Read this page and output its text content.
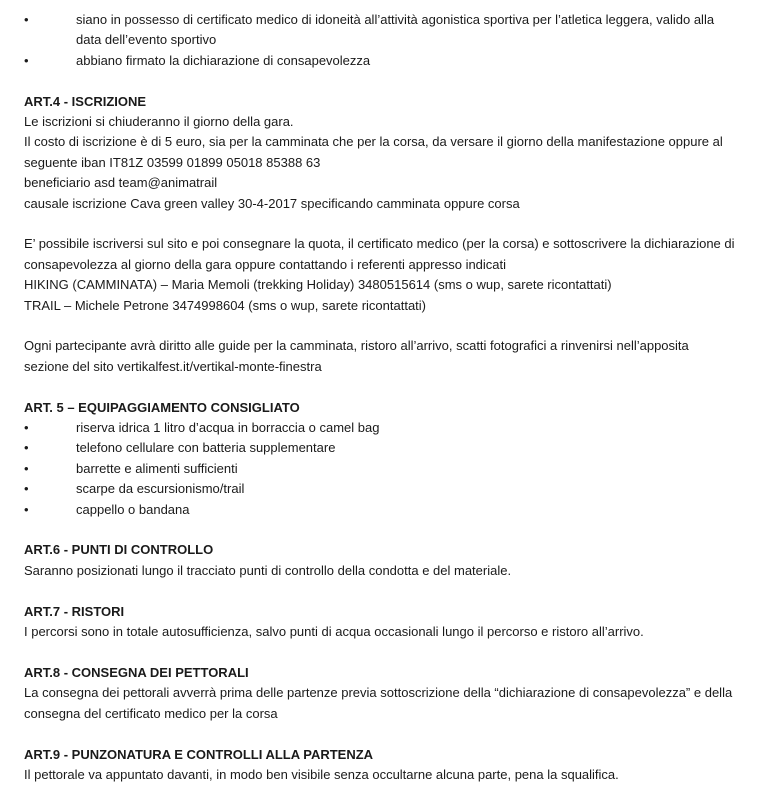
•	siano in possesso di certificato medico di idoneità all’attività agonistica sportiva per l’atletica leggera, valido alla data dell’evento sportivo
•	abbiano firmato la dichiarazione di consapevolezza
ART.4 - ISCRIZIONE
Le iscrizioni si chiuderanno il giorno della gara.
Il costo di iscrizione è di 5 euro, sia per la camminata che per la corsa, da versare il giorno della manifestazione oppure al
seguente iban IT81Z 03599 01899 05018 85388 63
beneficiario asd team@animatrail
causale iscrizione Cava green valley 30-4-2017 specificando camminata oppure corsa
E’ possibile iscriversi sul sito e poi consegnare la quota, il certificato medico (per la corsa) e sottoscrivere la dichiarazione di
consapevolezza al giorno della gara oppure contattando i referenti appresso indicati
HIKING (CAMMINATA) – Maria Memoli (trekking Holiday) 3480515614 (sms o wup, sarete ricontattati)
TRAIL – Michele Petrone 3474998604 (sms o wup, sarete ricontattati)
Ogni partecipante avrà diritto alle guide per la camminata, ristoro all’arrivo, scatti fotografici a rinvenirsi nell’apposita
sezione del sito vertikalfest.it/vertikal-monte-finestra
ART. 5 – EQUIPAGGIAMENTO CONSIGLIATO
•	riserva idrica 1 litro d’acqua in borraccia o camel bag
•	telefono cellulare con batteria supplementare
•	barrette e alimenti sufficienti
•	scarpe da escursionismo/trail
•	cappello o bandana
ART.6 - PUNTI DI CONTROLLO
Saranno posizionati lungo il tracciato punti di controllo della condotta e del materiale.
ART.7 - RISTORI
I percorsi sono in totale autosufficienza, salvo punti di acqua occasionali lungo il percorso e ristoro all’arrivo.
ART.8 - CONSEGNA DEI PETTORALI
La consegna dei pettorali avverrà prima delle partenze previa sottoscrizione della “dichiarazione di consapevolezza” e della
consegna del certificato medico per la corsa
ART.9 - PUNZONATURA E CONTROLLI ALLA PARTENZA
Il pettorale va appuntato davanti, in modo ben visibile senza occultarne alcuna parte, pena la squalifica.
